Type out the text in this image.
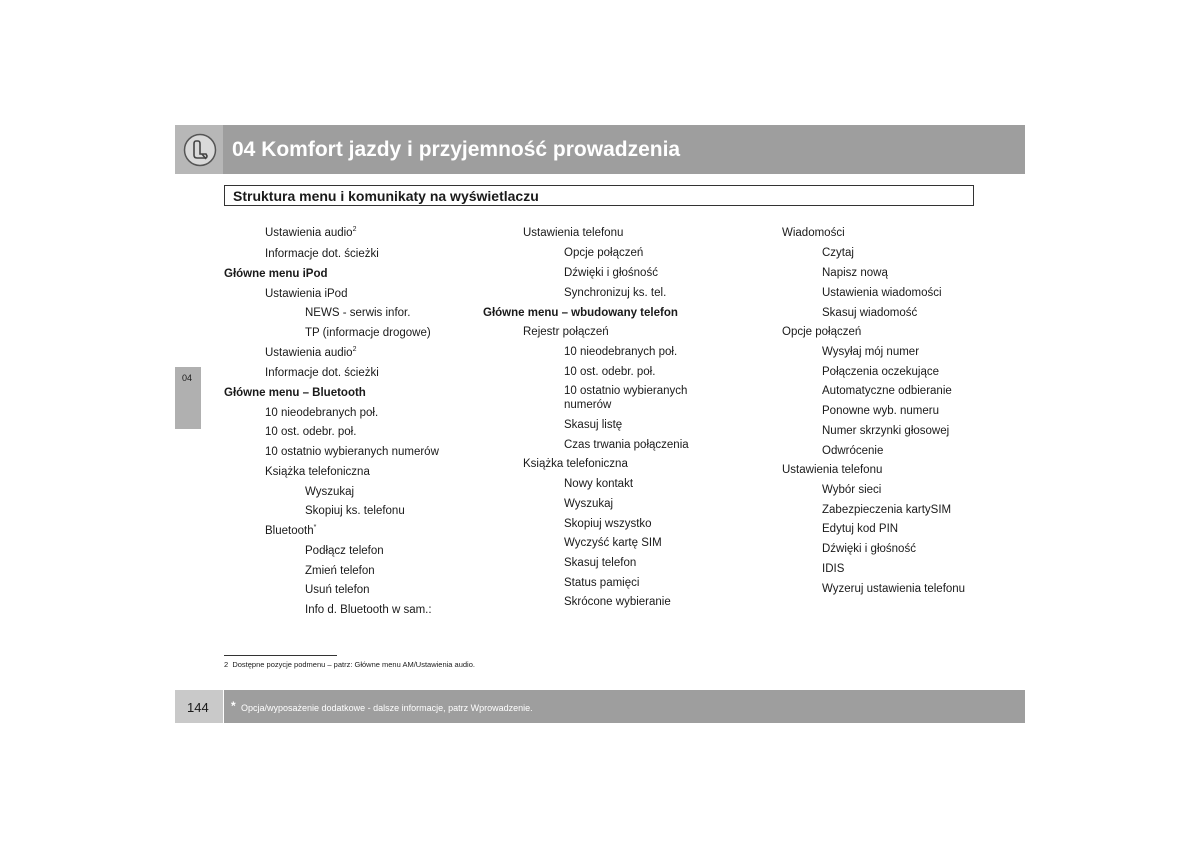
04 Komfort jazdy i przyjemność prowadzenia
Struktura menu i komunikaty na wyświetlaczu
04
Ustawienia audio$^2$
Informacje dot. ścieżki
Główne menu iPod
Ustawienia iPod
NEWS - serwis infor.
TP (informacje drogowe)
Ustawienia audio$^2$
Informacje dot. ścieżki
Główne menu – Bluetooth
10 nieodebranych poł.
10 ost. odebr. poł.
10 ostatnio wybieranych numerów
Książka telefoniczna
Wyszukaj
Skopiuj ks. telefonu
Bluetooth*
Podłącz telefon
Zmień telefon
Usuń telefon
Info d. Bluetooth w sam.:
Ustawienia telefonu
Opcje połączeń
Dźwięki i głośność
Synchronizuj ks. tel.
Główne menu – wbudowany telefon
Rejestr połączeń
10 nieodebranych poł.
10 ost. odebr. poł.
10 ostatnio wybieranych numerów
Skasuj listę
Czas trwania połączenia
Książka telefoniczna
Nowy kontakt
Wyszukaj
Skopiuj wszystko
Wyczyść kartę SIM
Skasuj telefon
Status pamięci
Skrócone wybieranie
Wiadomości
Czytaj
Napisz nową
Ustawienia wiadomości
Skasuj wiadomość
Opcje połączeń
Wysyłaj mój numer
Połączenia oczekujące
Automatyczne odbieranie
Ponowne wyb. numeru
Numer skrzynki głosowej
Odwrócenie
Ustawienia telefonu
Wybór sieci
Zabezpieczenia kartySIM
Edytuj kod PIN
Dźwięki i głośność
IDIS
Wyzeruj ustawienia telefonu
2 Dostępne pozycje podmenu – patrz: Główne menu AM/Ustawienia audio.
144 * Opcja/wyposażenie dodatkowe - dalsze informacje, patrz Wprowadzenie.
